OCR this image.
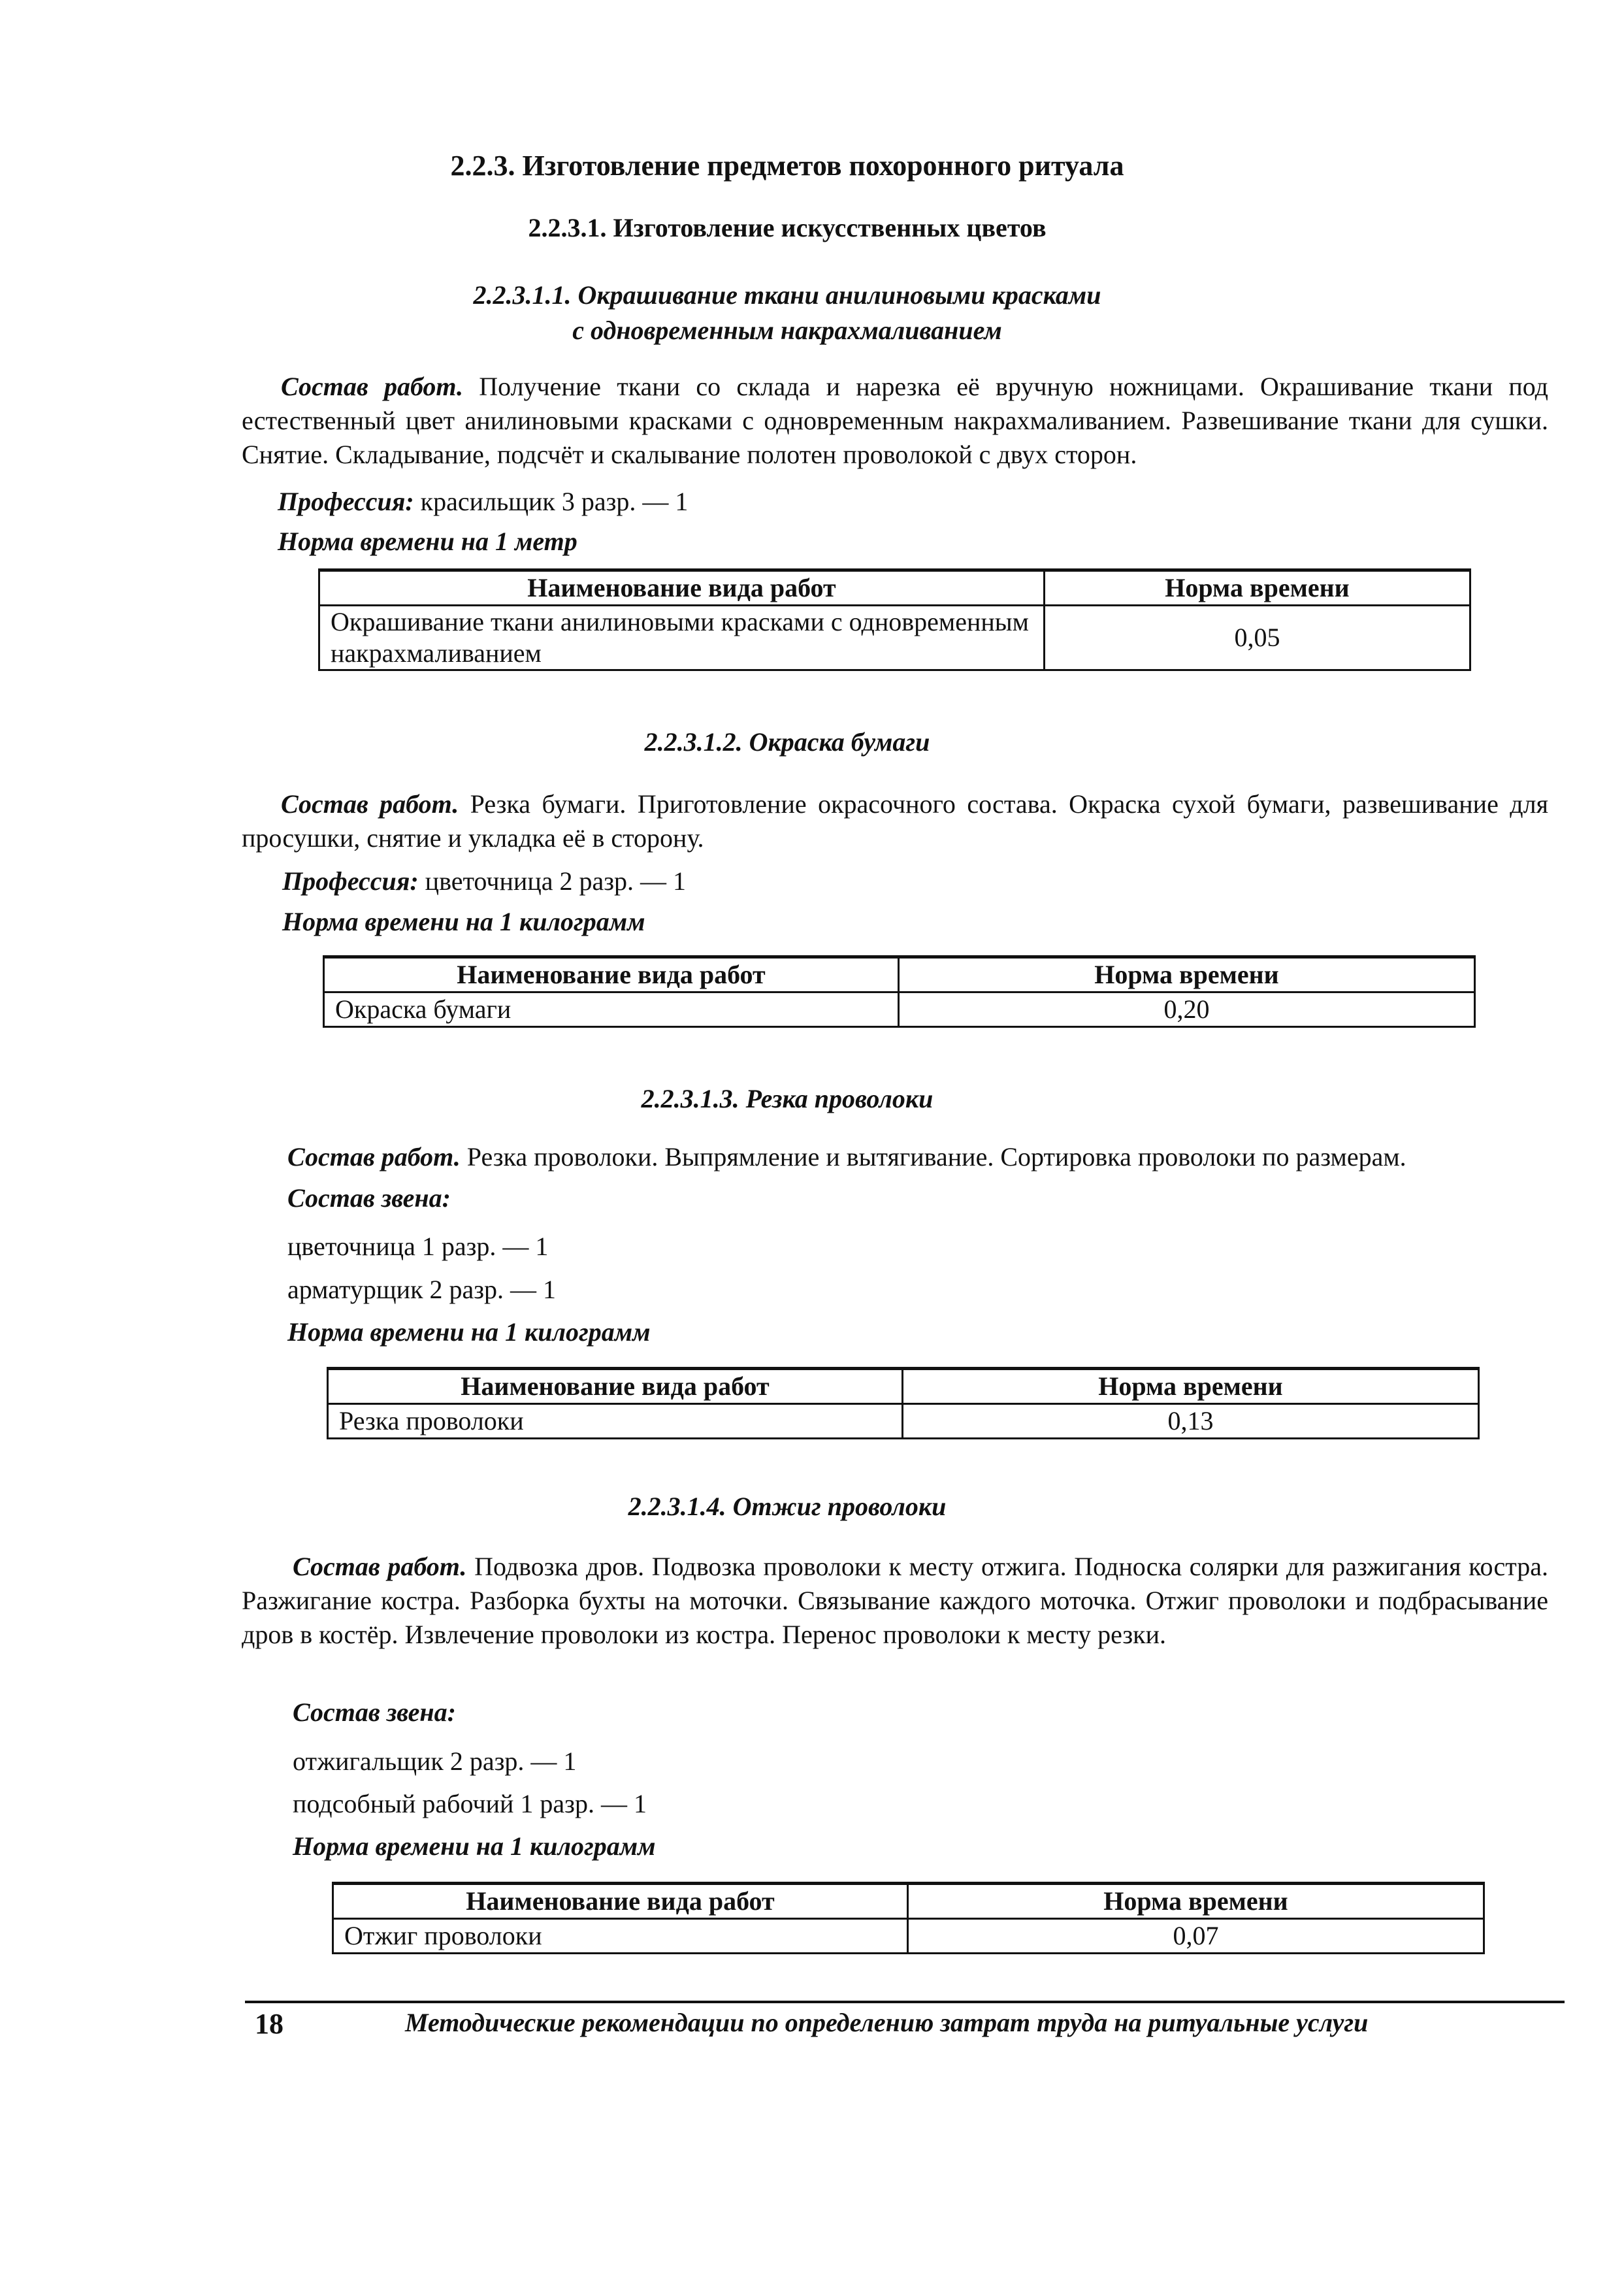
2.2.3. Изготовление предметов похоронного ритуала
2.2.3.1. Изготовление искусственных цветов
2.2.3.1.1. Окрашивание ткани анилиновыми красками
с одновременным накрахмаливанием

Состав работ. Получение ткани со склада и нарезка её вручную ножницами. Окрашивание ткани под естественный цвет анилиновыми красками с одновременным накрахмаливанием. Развешивание ткани для сушки. Снятие. Складывание, подсчёт и скалывание полотен проволокой с двух сторон.

Профессия: красильщик 3 разр. — 1
Норма времени на 1 метр
Наименование вида работ	Норма времени
Окрашивание ткани анилиновыми красками с одновременным накрахмаливанием	0,05
2.2.3.1.2. Окраска бумаги

Состав работ. Резка бумаги. Приготовление окрасочного состава. Окраска сухой бумаги, развешивание для просушки, снятие и укладка её в сторону.

Профессия: цветочница 2 разр. — 1
Норма времени на 1 килограмм
Наименование вида работ	Норма времени
Окраска бумаги	0,20
2.2.3.1.3. Резка проволоки

Состав работ. Резка проволоки. Выпрямление и вытягивание. Сортировка проволоки по размерам.

Состав звена:
цветочница 1 разр. — 1
арматурщик 2 разр. — 1
Норма времени на 1 килограмм
Наименование вида работ	Норма времени
Резка проволоки	0,13
2.2.3.1.4. Отжиг проволоки

Состав работ. Подвозка дров. Подвозка проволоки к месту отжига. Подноска солярки для разжигания костра. Разжигание костра. Разборка бухты на моточки. Связывание каждого моточка. Отжиг проволоки и подбрасывание дров в костёр. Извлечение проволоки из костра. Перенос проволоки к месту резки.

Состав звена:
отжигальщик 2 разр. — 1
подсобный рабочий 1 разр. — 1
Норма времени на 1 килограмм
Наименование вида работ	Норма времени
Отжиг проволоки	0,07
18	Методические рекомендации по определению затрат труда на ритуальные услуги
